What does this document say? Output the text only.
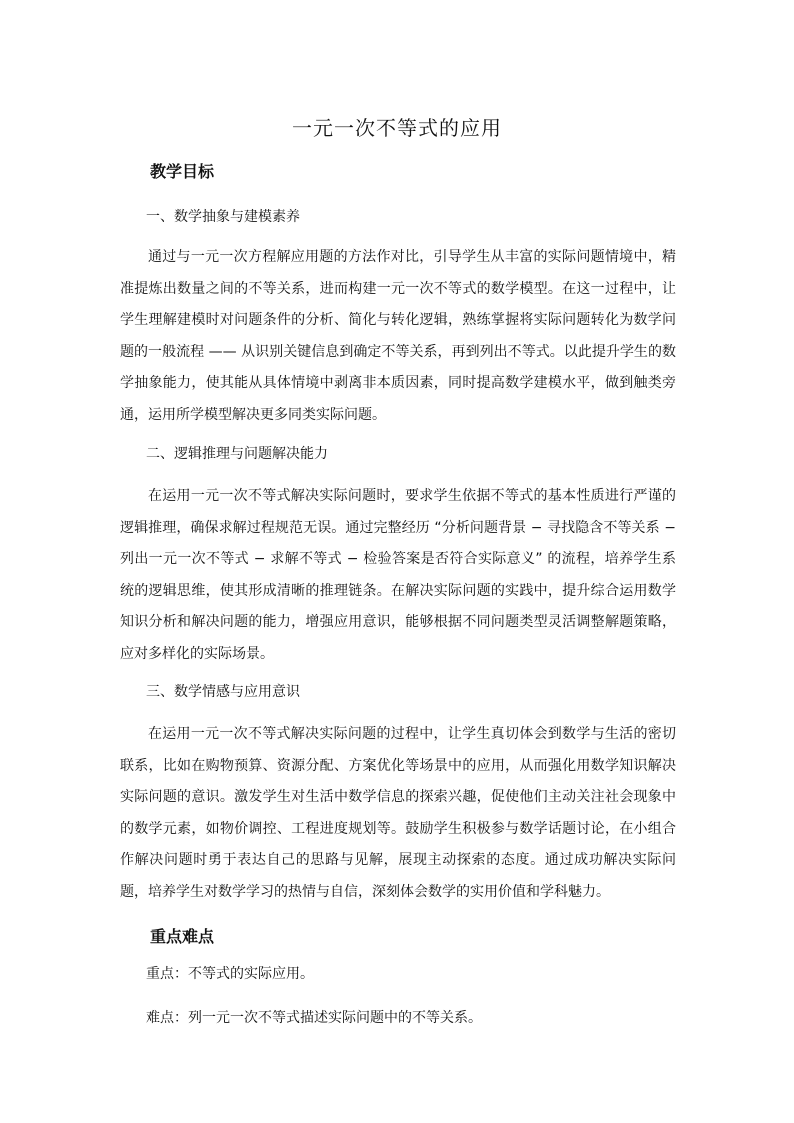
一元一次不等式的应用
教学目标
一、数学抽象与建模素养
通过与一元一次方程解应用题的方法作对比，引导学生从丰富的实际问题情境中，精准提炼出数量之间的不等关系，进而构建一元一次不等式的数学模型。在这一过程中，让学生理解建模时对问题条件的分析、简化与转化逻辑，熟练掌握将实际问题转化为数学问题的一般流程 —— 从识别关键信息到确定不等关系，再到列出不等式。以此提升学生的数学抽象能力，使其能从具体情境中剥离非本质因素，同时提高数学建模水平，做到触类旁通，运用所学模型解决更多同类实际问题。
二、逻辑推理与问题解决能力
在运用一元一次不等式解决实际问题时，要求学生依据不等式的基本性质进行严谨的逻辑推理，确保求解过程规范无误。通过完整经历 “分析问题背景 − 寻找隐含不等关系 − 列出一元一次不等式 − 求解不等式 − 检验答案是否符合实际意义” 的流程，培养学生系统的逻辑思维，使其形成清晰的推理链条。在解决实际问题的实践中，提升综合运用数学知识分析和解决问题的能力，增强应用意识，能够根据不同问题类型灵活调整解题策略，应对多样化的实际场景。
三、数学情感与应用意识
在运用一元一次不等式解决实际问题的过程中，让学生真切体会到数学与生活的密切联系，比如在购物预算、资源分配、方案优化等场景中的应用，从而强化用数学知识解决实际问题的意识。激发学生对生活中数学信息的探索兴趣，促使他们主动关注社会现象中的数学元素，如物价调控、工程进度规划等。鼓励学生积极参与数学话题讨论，在小组合作解决问题时勇于表达自己的思路与见解，展现主动探索的态度。通过成功解决实际问题，培养学生对数学学习的热情与自信，深刻体会数学的实用价值和学科魅力。
重点难点
重点：不等式的实际应用。
难点：列一元一次不等式描述实际问题中的不等关系。
